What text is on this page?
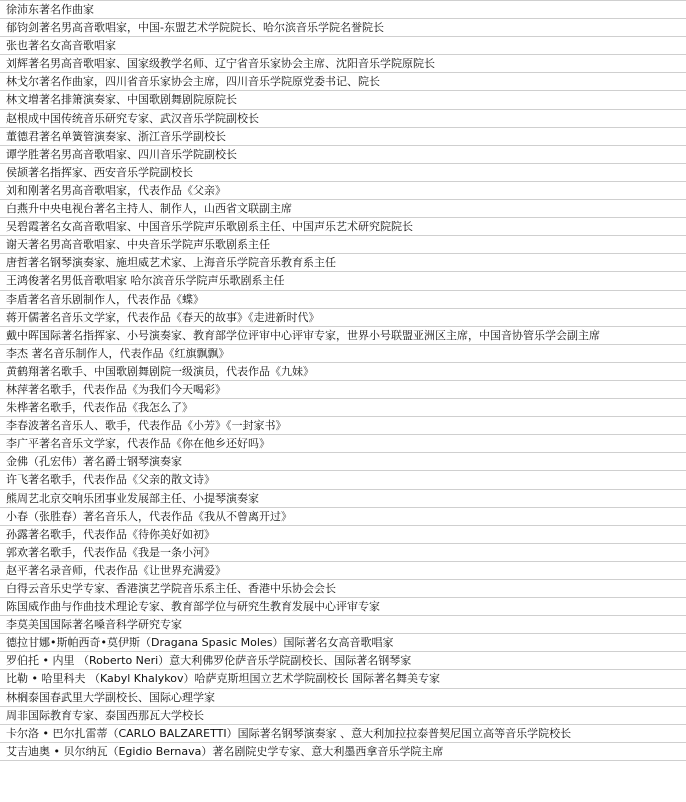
徐沛东著名作曲家
郁钧剑著名男高音歌唱家，中国-东盟艺术学院院长、哈尔滨音乐学院名誉院长
张也著名女高音歌唱家
刘辉著名男高音歌唱家、国家级教学名师、辽宁省音乐家协会主席、沈阳音乐学院原院长
林戈尔著名作曲家，四川省音乐家协会主席，四川音乐学院原党委书记、院长
林文增著名排箫演奏家、中国歌剧舞剧院原院长
赵根成中国传统音乐研究专家、武汉音乐学院副校长
董德君著名单簧管演奏家、浙江音乐学副校长
谭学胜著名男高音歌唱家、四川音乐学院副校长
侯颉著名指挥家、西安音乐学院副校长
刘和刚著名男高音歌唱家，代表作品《父亲》
白燕升中央电视台著名主持人、制作人，山西省文联副主席
吴碧霞著名女高音歌唱家、中国音乐学院声乐歌剧系主任、中国声乐艺术研究院院长
谢天著名男高音歌唱家、中央音乐学院声乐歌剧系主任
唐哲著名钢琴演奏家、施坦威艺术家、上海音乐学院音乐教育系主任
王鸿俊著名男低音歌唱家 哈尔滨音乐学院声乐歌剧系主任
李盾著名音乐剧制作人，代表作品《蝶》
蒋开儒著名音乐文学家，代表作品《春天的故事》《走进新时代》
戴中晖国际著名指挥家、小号演奏家、教育部学位评审中心评审专家，世界小号联盟亚洲区主席，中国音协管乐学会副主席
李杰 著名音乐制作人，代表作品《红旗飘飘》
黄鹤翔著名歌手、中国歌剧舞剧院一级演员，代表作品《九妹》
林萍著名歌手，代表作品《为我们今天喝彩》
朱桦著名歌手，代表作品《我怎么了》
李春波著名音乐人、歌手，代表作品《小芳》《一封家书》
李广平著名音乐文学家，代表作品《你在他乡还好吗》
金佛（孔宏伟）著名爵士钢琴演奏家
许飞著名歌手，代表作品《父亲的散文诗》
熊周艺北京交响乐团事业发展部主任、小提琴演奏家
小春（张胜春）著名音乐人，代表作品《我从不曾离开过》
孙露著名歌手，代表作品《待你美好如初》
郭欢著名歌手，代表作品《我是一条小河》
赵平著名录音师，代表作品《让世界充满爱》
白得云音乐史学专家、香港演艺学院音乐系主任、香港中乐协会会长
陈国威作曲与作曲技术理论专家、教育部学位与研究生教育发展中心评审专家
李莫美国国际著名嗓音科学研究专家
德拉甘娜•斯帕西奇•莫伊斯（Dragana Spasic Moles）国际著名女高音歌唱家
罗伯托 • 内里 （Roberto Neri）意大利佛罗伦萨音乐学院副校长、国际著名钢琴家
比勒 • 哈里科夫 （Kabyl Khalykov）哈萨克斯坦国立艺术学院副校长 国际著名舞美专家
林榈泰国春武里大学副校长、国际心理学家
周非国际教育专家、泰国西那瓦大学校长
卡尔洛 • 巴尔扎雷蒂（CARLO BALZARETTI）国际著名钢琴演奏家 、意大利加拉拉泰普契尼国立高等音乐学院校长
艾吉迪奥 • 贝尔纳瓦（Egidio Bernava）著名剧院史学专家、意大利墨西拿音乐学院主席
